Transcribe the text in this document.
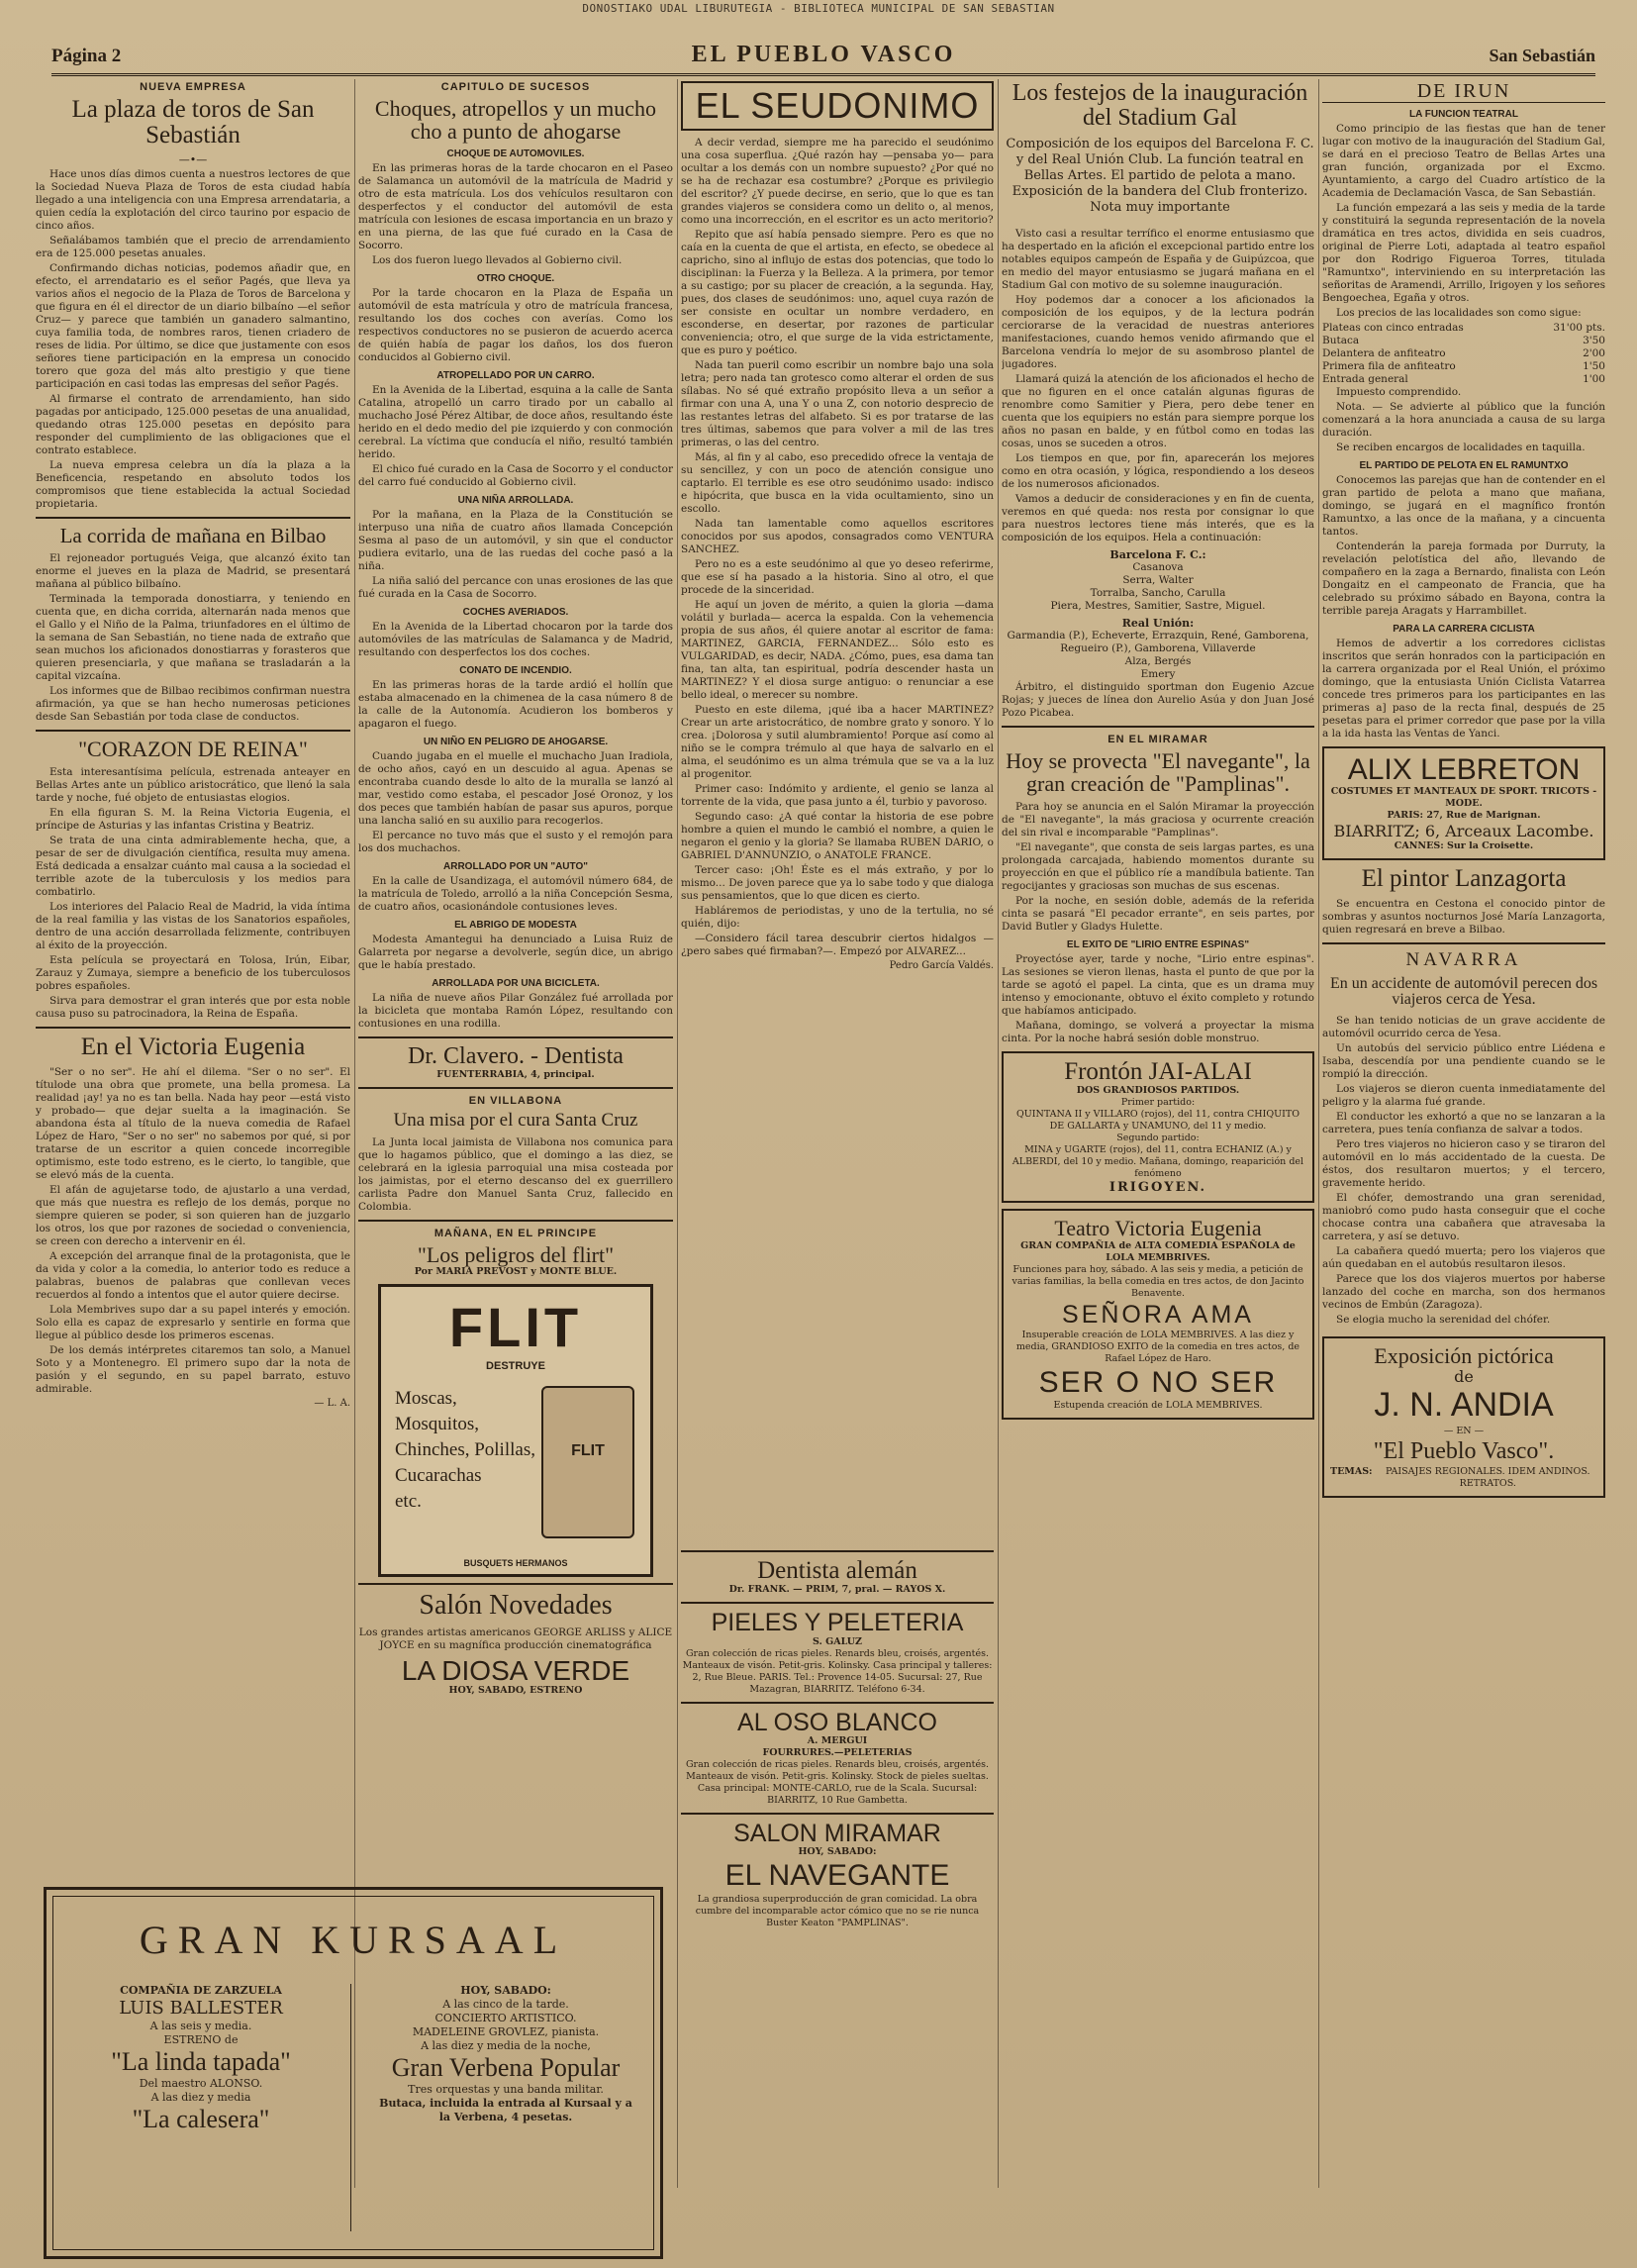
DONOSTIAKO UDAL LIBURUTEGIA - BIBLIOTECA MUNICIPAL DE SAN SEBASTIAN
Página 2	EL PUEBLO VASCO	San Sebastián
NUEVA EMPRESA
La plaza de toros de San Sebastián
—•—

Hace unos días dimos cuenta a nuestros lectores de que la Sociedad Nueva Plaza de Toros de esta ciudad había llegado a una inteligencia con una Empresa arrendataria, a quien cedía la explotación del circo taurino por espacio de cinco años.

Señalábamos también que el precio de arrendamiento era de 125.000 pesetas anuales.

Confirmando dichas noticias, podemos añadir que, en efecto, el arrendatario es el señor Pagés, que lleva ya varios años el negocio de la Plaza de Toros de Barcelona y que figura en él el director de un diario bilbaíno —el señor Cruz— y parece que también un ganadero salmantino, cuya familia toda, de nombres raros, tienen criadero de reses de lidia. Por último, se dice que justamente con esos señores tiene participación en la empresa un conocido torero que goza del más alto prestigio y que tiene participación en casi todas las empresas del señor Pagés.

Al firmarse el contrato de arrendamiento, han sido pagadas por anticipado, 125.000 pesetas de una anualidad, quedando otras 125.000 pesetas en depósito para responder del cumplimiento de las obligaciones que el contrato establece.

La nueva empresa celebra un día la plaza a la Beneficencia, respetando en absoluto todos los compromisos que tiene establecida la actual Sociedad propietaria.

La corrida de mañana en Bilbao

El rejoneador portugués Veiga, que alcanzó éxito tan enorme el jueves en la plaza de Madrid, se presentará mañana al público bilbaíno.

Terminada la temporada donostiarra, y teniendo en cuenta que, en dicha corrida, alternarán nada menos que el Gallo y el Niño de la Palma, triunfadores en el último de la semana de San Sebastián, no tiene nada de extraño que sean muchos los aficionados donostiarras y forasteros que quieren presenciarla, y que mañana se trasladarán a la capital vizcaína.

Los informes que de Bilbao recibimos confirman nuestra afirmación, ya que se han hecho numerosas peticiones desde San Sebastián por toda clase de conductos.

"CORAZON DE REINA"

Esta interesantísima película, estrenada anteayer en Bellas Artes ante un público aristocrático, que llenó la sala tarde y noche, fué objeto de entusiastas elogios.

En ella figuran S. M. la Reina Victoria Eugenia, el príncipe de Asturias y las infantas Cristina y Beatriz.

Se trata de una cinta admirablemente hecha, que, a pesar de ser de divulgación científica, resulta muy amena. Está dedicada a ensalzar cuánto mal causa a la sociedad el terrible azote de la tuberculosis y los medios para combatirlo.

Los interiores del Palacio Real de Madrid, la vida íntima de la real familia y las vistas de los Sanatorios españoles, dentro de una acción desarrollada felizmente, contribuyen al éxito de la proyección.

Esta película se proyectará en Tolosa, Irún, Eibar, Zarauz y Zumaya, siempre a beneficio de los tuberculosos pobres españoles.

Sirva para demostrar el gran interés que por esta noble causa puso su patrocinadora, la Reina de España.

En el Victoria Eugenia

"Ser o no ser". He ahí el dilema. "Ser o no ser". El títulode una obra que promete, una bella promesa. La realidad ¡ay! ya no es tan bella. Nada hay peor —está visto y probado— que dejar suelta a la imaginación. Se abandona ésta al título de la nueva comedia de Rafael López de Haro, "Ser o no ser" no sabemos por qué, si por tratarse de un escritor a quien concede incorregible optimismo, este todo estreno, es le cierto, lo tangible, que se elevó más de la cuenta.

El afán de agujetarse todo, de ajustarlo a una verdad, que más que nuestra es reflejo de los demás, porque no siempre quieren se poder, si son quieren han de juzgarlo los otros, los que por razones de sociedad o conveniencia, se creen con derecho a intervenir en él.

A excepción del arranque final de la protagonista, que le da vida y color a la comedia, lo anterior todo es reduce a palabras, buenos de palabras que conllevan veces recuerdos al fondo a intentos que el autor quiere decirse.

Lola Membrives supo dar a su papel interés y emoción. Solo ella es capaz de expresarlo y sentirle en forma que llegue al público desde los primeros escenas.

De los demás intérpretes citaremos tan solo, a Manuel Soto y a Montenegro. El primero supo dar la nota de pasión y el segundo, en su papel barrato, estuvo admirable.

— L. A.
CAPITULO DE SUCESOS
Choques, atropellos y un mucho cho a punto de ahogarse
CHOQUE DE AUTOMOVILES.

En las primeras horas de la tarde chocaron en el Paseo de Salamanca un automóvil de la matrícula de Madrid y otro de esta matrícula. Los dos vehículos resultaron con desperfectos y el conductor del automóvil de esta matrícula con lesiones de escasa importancia en un brazo y en una pierna, de las que fué curado en la Casa de Socorro.

Los dos fueron luego llevados al Gobierno civil.

OTRO CHOQUE.

Por la tarde chocaron en la Plaza de España un automóvil de esta matrícula y otro de matrícula francesa, resultando los dos coches con averías. Como los respectivos conductores no se pusieron de acuerdo acerca de quién había de pagar los daños, los dos fueron conducidos al Gobierno civil.

ATROPELLADO POR UN CARRO.

En la Avenida de la Libertad, esquina a la calle de Santa Catalina, atropelló un carro tirado por un caballo al muchacho José Pérez Altibar, de doce años, resultando éste herido en el dedo medio del pie izquierdo y con conmoción cerebral. La víctima que conducía el niño, resultó también herido.

El chico fué curado en la Casa de Socorro y el conductor del carro fué conducido al Gobierno civil.

UNA NIÑA ARROLLADA.

Por la mañana, en la Plaza de la Constitución se interpuso una niña de cuatro años llamada Concepción Sesma al paso de un automóvil, y sin que el conductor pudiera evitarlo, una de las ruedas del coche pasó a la niña.

La niña salió del percance con unas erosiones de las que fué curada en la Casa de Socorro.

COCHES AVERIADOS.

En la Avenida de la Libertad chocaron por la tarde dos automóviles de las matrículas de Salamanca y de Madrid, resultando con desperfectos los dos coches.

CONATO DE INCENDIO.

En las primeras horas de la tarde ardió el hollín que estaba almacenado en la chimenea de la casa número 8 de la calle de la Autonomía. Acudieron los bomberos y apagaron el fuego.

UN NIÑO EN PELIGRO DE AHOGARSE.

Cuando jugaba en el muelle el muchacho Juan Iradiola, de ocho años, cayó en un descuido al agua. Apenas se encontraba cuando desde lo alto de la muralla se lanzó al mar, vestido como estaba, el pescador José Oronoz, y los dos peces que también habían de pasar sus apuros, porque una lancha salió en su auxilio para recogerlos.

El percance no tuvo más que el susto y el remojón para los dos muchachos.

ARROLLADO POR UN "AUTO"

En la calle de Usandizaga, el automóvil número 684, de la matrícula de Toledo, arrolló a la niña Concepción Sesma, de cuatro años, ocasionándole contusiones leves.

EL ABRIGO DE MODESTA

Modesta Amantegui ha denunciado a Luisa Ruiz de Galarreta por negarse a devolverle, según dice, un abrigo que le había prestado.

ARROLLADA POR UNA BICICLETA.

La niña de nueve años Pilar González fué arrollada por la bicicleta que montaba Ramón López, resultando con contusiones en una rodilla.

Dr. Clavero. - Dentista
FUENTERRABIA, 4, principal.
EN VILLABONA
Una misa por el cura Santa Cruz

La Junta local jaimista de Villabona nos comunica para que lo hagamos público, que el domingo a las diez, se celebrará en la iglesia parroquial una misa costeada por los jaimistas, por el eterno descanso del ex guerrillero carlista Padre don Manuel Santa Cruz, fallecido en Colombia.

MAÑANA, EN EL PRINCIPE
"Los peligros del flirt"
Por MARIA PREVOST y MONTE BLUE.
FLIT
DESTRUYE
Moscas, Mosquitos,
Chinches, Polillas, Cucarachas
etc.
FLIT
BUSQUETS HERMANOS
Salón Novedades
Los grandes artistas americanos GEORGE ARLISS y ALICE JOYCE en su magnífica producción cinematográfica
LA DIOSA VERDE
HOY, SABADO, ESTRENO
EL SEUDONIMO

A decir verdad, siempre me ha parecido el seudónimo una cosa superflua. ¿Qué razón hay —pensaba yo— para ocultar a los demás con un nombre supuesto? ¿Por qué no se ha de rechazar esa costumbre? ¿Porque es privilegio del escritor? ¿Y puede decirse, en serio, que lo que es tan grandes viajeros se considera como un delito o, al menos, como una incorrección, en el escritor es un acto meritorio?

Repito que así había pensado siempre. Pero es que no caía en la cuenta de que el artista, en efecto, se obedece al capricho, sino al influjo de estas dos potencias, que todo lo disciplinan: la Fuerza y la Belleza. A la primera, por temor a su castigo; por su placer de creación, a la segunda. Hay, pues, dos clases de seudónimos: uno, aquel cuya razón de ser consiste en ocultar un nombre verdadero, en esconderse, en desertar, por razones de particular conveniencia; otro, el que surge de la vida estrictamente, que es puro y poético.

Nada tan pueril como escribir un nombre bajo una sola letra; pero nada tan grotesco como alterar el orden de sus sílabas. No sé qué extraño propósito lleva a un señor a firmar con una A, una Y o una Z, con notorio desprecio de las restantes letras del alfabeto. Si es por tratarse de las tres últimas, sabemos que para volver a mil de las tres primeras, o las del centro.

Más, al fin y al cabo, eso precedido ofrece la ventaja de su sencillez, y con un poco de atención consigue uno captarlo. El terrible es ese otro seudónimo usado: indisco e hipócrita, que busca en la vida ocultamiento, sino un escollo.

Nada tan lamentable como aquellos escritores conocidos por sus apodos, consagrados como VENTURA SANCHEZ.

Pero no es a este seudónimo al que yo deseo referirme, que ese sí ha pasado a la historia. Sino al otro, el que procede de la sinceridad.

He aquí un joven de mérito, a quien la gloria —dama volátil y burlada— acerca la espalda. Con la vehemencia propia de sus años, él quiere anotar al escritor de fama: MARTINEZ, GARCIA, FERNANDEZ... Sólo esto es VULGARIDAD, es decir, NADA. ¿Cómo, pues, esa dama tan fina, tan alta, tan espiritual, podría descender hasta un MARTINEZ? Y el diosa surge antiguo: o renunciar a ese bello ideal, o merecer su nombre.

Puesto en este dilema, ¡qué iba a hacer MARTINEZ? Crear un arte aristocrático, de nombre grato y sonoro. Y lo crea. ¡Dolorosa y sutil alumbramiento! Porque así como al niño se le compra trémulo al que haya de salvarlo en el alma, el seudónimo es un alma trémula que se va a la luz al progenitor.

Primer caso: Indómito y ardiente, el genio se lanza al torrente de la vida, que pasa junto a él, turbio y pavoroso.

Segundo caso: ¿A qué contar la historia de ese pobre hombre a quien el mundo le cambió el nombre, a quien le negaron el genio y la gloria? Se llamaba RUBEN DARIO, o GABRIEL D'ANNUNZIO, o ANATOLE FRANCE.

Tercer caso: ¡Oh! Éste es el más extraño, y por lo mismo... De joven parece que ya lo sabe todo y que dialoga sus pensamientos, que lo que dicen es cierto.

Habláremos de periodistas, y uno de la tertulia, no sé quién, dijo:

—Considero fácil tarea descubrir ciertos hidalgos —¿pero sabes qué firmaban?—. Empezó por ALVAREZ...

Pedro García Valdés.
Dentista alemán
Dr. FRANK. — PRIM, 7, pral. — RAYOS X.
PIELES Y PELETERIA
S. GALUZ
Gran colección de ricas pieles. Renards bleu, croisés, argentés. Manteaux de visón. Petit-gris. Kolinsky. Casa principal y talleres: 2, Rue Bleue. PARIS. Tel.: Provence 14-05. Sucursal: 27, Rue Mazagran, BIARRITZ. Teléfono 6-34.
AL OSO BLANCO
A. MERGUI
FOURRURES.—PELETERIAS
Gran colección de ricas pieles. Renards bleu, croisés, argentés. Manteaux de visón. Petit-gris. Kolinsky. Stock de pieles sueltas. Casa principal: MONTE-CARLO, rue de la Scala. Sucursal: BIARRITZ, 10 Rue Gambetta.
SALON MIRAMAR
HOY, SABADO:
EL NAVEGANTE
La grandiosa superproducción de gran comicidad. La obra cumbre del incomparable actor cómico que no se rie nunca Buster Keaton "PAMPLINAS".

Visto casi a resultar terrífico el enorme entusiasmo que ha despertado en la afición el excepcional partido entre los notables equipos campeón de España y de Guipúzcoa, que en medio del mayor entusiasmo se jugará mañana en el Stadium Gal con motivo de su solemne inauguración.

Hoy podemos dar a conocer a los aficionados la composición de los equipos, y de la lectura podrán cerciorarse de la veracidad de nuestras anteriores manifestaciones, cuando hemos venido afirmando que el Barcelona vendría lo mejor de su asombroso plantel de jugadores.

Llamará quizá la atención de los aficionados el hecho de que no figuren en el once catalán algunas figuras de renombre como Samitier y Piera, pero debe tener en cuenta que los equipiers no están para siempre porque los años no pasan en balde, y en fútbol como en todas las cosas, unos se suceden a otros.

Los tiempos en que, por fin, aparecerán los mejores como en otra ocasión, y lógica, respondiendo a los deseos de los numerosos aficionados.

Vamos a deducir de consideraciones y en fin de cuenta, veremos en qué queda: nos resta por consignar lo que para nuestros lectores tiene más interés, que es la composición de los equipos. Hela a continuación:

Barcelona F. C.:
Casanova
Serra, Walter
Torralba, Sancho, Carulla
Piera, Mestres, Samitier, Sastre, Miguel.
Real Unión:
Garmandia (P.), Echeverte, Errazquin, René, Gamborena, Regueiro (P.), Gamborena, Villaverde
Alza, Bergés
Emery

Árbitro, el distinguido sportman don Eugenio Azcue Rojas; y jueces de línea don Aurelio Asúa y don Juan José Pozo Picabea.

EN EL MIRAMAR
Hoy se provecta "El navegante", la gran creación de "Pamplinas".

Para hoy se anuncia en el Salón Miramar la proyección de "El navegante", la más graciosa y ocurrente creación del sin rival e incomparable "Pamplinas".

"El navegante", que consta de seis largas partes, es una prolongada carcajada, habiendo momentos durante su proyección en que el público ríe a mandíbula batiente. Tan regocijantes y graciosas son muchas de sus escenas.

Por la noche, en sesión doble, además de la referida cinta se pasará "El pecador errante", en seis partes, por David Butler y Gladys Hulette.

EL EXITO DE "LIRIO ENTRE ESPINAS"

Proyectóse ayer, tarde y noche, "Lirio entre espinas". Las sesiones se vieron llenas, hasta el punto de que por la tarde se agotó el papel. La cinta, que es un drama muy intenso y emocionante, obtuvo el éxito completo y rotundo que habíamos anticipado.

Mañana, domingo, se volverá a proyectar la misma cinta. Por la noche habrá sesión doble monstruo.

Frontón JAI-ALAI
DOS GRANDIOSOS PARTIDOS.
Primer partido:
QUINTANA II y VILLARO (rojos), del 11, contra CHIQUITO DE GALLARTA y UNAMUNO, del 11 y medio.
Segundo partido:
MINA y UGARTE (rojos), del 11, contra ECHANIZ (A.) y ALBERDI, del 10 y medio. Mañana, domingo, reaparición del fenómeno
IRIGOYEN.
Teatro Victoria Eugenia
GRAN COMPAÑIA de ALTA COMEDIA ESPAÑOLA de LOLA MEMBRIVES.
Funciones para hoy, sábado. A las seis y media, a petición de varias familias, la bella comedia en tres actos, de don Jacinto Benavente.
SEÑORA AMA
Insuperable creación de LOLA MEMBRIVES. A las diez y media, GRANDIOSO EXITO de la comedia en tres actos, de Rafael López de Haro.
SER O NO SER
Estupenda creación de LOLA MEMBRIVES.
DE IRUN
LA FUNCION TEATRAL

Como principio de las fiestas que han de tener lugar con motivo de la inauguración del Stadium Gal, se dará en el precioso Teatro de Bellas Artes una gran función, organizada por el Excmo. Ayuntamiento, a cargo del Cuadro artístico de la Academia de Declamación Vasca, de San Sebastián.

La función empezará a las seis y media de la tarde y constituirá la segunda representación de la novela dramática en tres actos, dividida en seis cuadros, original de Pierre Loti, adaptada al teatro español por don Rodrigo Figueroa Torres, titulada "Ramuntxo", interviniendo en su interpretación las señoritas de Aramendi, Arrillo, Irigoyen y los señores Bengoechea, Egaña y otros.

Los precios de las localidades son como sigue:

Plateas con cinco entradas	31'00 pts.
Butaca	3'50
Delantera de anfiteatro	2'00
Primera fila de anfiteatro	1'50
Entrada general	1'00

Impuesto comprendido.

Nota. — Se advierte al público que la función comenzará a la hora anunciada a causa de su larga duración.

Se reciben encargos de localidades en taquilla.

EL PARTIDO DE PELOTA EN EL RAMUNTXO

Conocemos las parejas que han de contender en el gran partido de pelota a mano que mañana, domingo, se jugará en el magnífico frontón Ramuntxo, a las once de la mañana, y a cincuenta tantos.

Contenderán la pareja formada por Durruty, la revelación pelotística del año, llevando de compañero en la zaga a Bernardo, finalista con León Dongaitz en el campeonato de Francia, que ha celebrado su próximo sábado en Bayona, contra la terrible pareja Aragats y Harrambillet.

PARA LA CARRERA CICLISTA

Hemos de advertir a los corredores ciclistas inscritos que serán honrados con la participación en la carrera organizada por el Real Unión, el próximo domingo, que la entusiasta Unión Ciclista Vatarrea concede tres primeros para los participantes en las primeras a] paso de la recta final, después de 25 pesetas para el primer corredor que pase por la villa a la ida hasta las Ventas de Yanci.

ALIX LEBRETON
COSTUMES ET MANTEAUX DE SPORT. TRICOTS - MODE.
PARIS: 27, Rue de Marignan.
BIARRITZ; 6, Arceaux Lacombe.
CANNES: Sur la Croisette.
El pintor Lanzagorta

Se encuentra en Cestona el conocido pintor de sombras y asuntos nocturnos José María Lanzagorta, quien regresará en breve a Bilbao.

NAVARRA
En un accidente de automóvil perecen dos viajeros cerca de Yesa.

Se han tenido noticias de un grave accidente de automóvil ocurrido cerca de Yesa.

Un autobús del servicio público entre Liédena e Isaba, descendía por una pendiente cuando se le rompió la dirección.

Los viajeros se dieron cuenta inmediatamente del peligro y la alarma fué grande.

El conductor les exhortó a que no se lanzaran a la carretera, pues tenía confianza de salvar a todos.

Pero tres viajeros no hicieron caso y se tiraron del automóvil en lo más accidentado de la cuesta. De éstos, dos resultaron muertos; y el tercero, gravemente herido.

El chófer, demostrando una gran serenidad, maniobró como pudo hasta conseguir que el coche chocase contra una cabañera que atravesaba la carretera, y así se detuvo.

La cabañera quedó muerta; pero los viajeros que aún quedaban en el autobús resultaron ilesos.

Parece que los dos viajeros muertos por haberse lanzado del coche en marcha, son dos hermanos vecinos de Embún (Zaragoza).

Se elogia mucho la serenidad del chófer.

Exposición pictórica
de
J. N. ANDIA
— EN —
"El Pueblo Vasco".
TEMAS:	PAISAJES REGIONALES. IDEM ANDINOS. RETRATOS.
GRAN KURSAAL
COMPAÑIA DE ZARZUELA
LUIS BALLESTER
A las seis y media.
ESTRENO de
"La linda tapada"
Del maestro ALONSO.
A las diez y media
"La calesera"
HOY, SABADO:
A las cinco de la tarde.
CONCIERTO ARTISTICO.
MADELEINE GROVLEZ, pianista.
A las diez y media de la noche,
Gran Verbena Popular
Tres orquestas y una banda militar.
Butaca, incluida la entrada al Kursaal y a la Verbena, 4 pesetas.
Los festejos de la inauguración del Stadium Gal
Composición de los equipos del Barcelona F. C. y del Real Unión Club. La función teatral en Bellas Artes. El partido de pelota a mano. Exposición de la bandera del Club fronterizo. Nota muy importante
